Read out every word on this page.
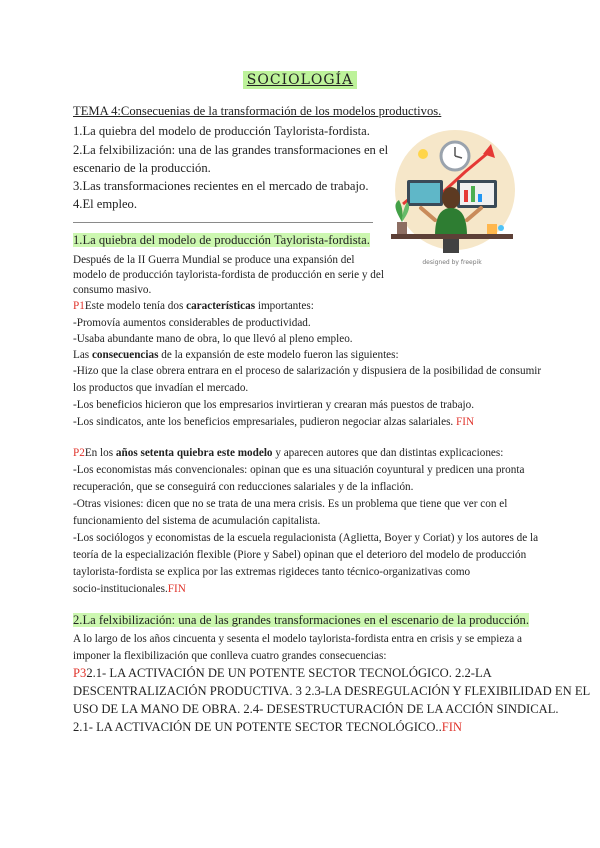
SOCIOLOGÍA
TEMA 4:Consecuenias de la transformación de los modelos productivos.
1.La quiebra del modelo de producción Taylorista-fordista.
2.La felxibilización: una de las grandes transformaciones en el
escenario de la producción.
3.Las transformaciones recientes en el mercado de trabajo.
4.El empleo.
designed by freepik
1.La quiebra del modelo de producción Taylorista-fordista.
Después de la II Guerra Mundial se produce una expansión del
modelo de producción taylorista-fordista de producción en serie y del
consumo masivo.
P1Este modelo tenía dos características importantes:
-Promovía aumentos considerables de productividad.
-Usaba abundante mano de obra, lo que llevó al pleno empleo.
Las consecuencias de la expansión de este modelo fueron las siguientes:
-Hizo que la clase obrera entrara en el proceso de salarización y dispusiera de la posibilidad de consumir
los productos que invadían el mercado.
-Los beneficios hicieron que los empresarios invirtieran y crearan más puestos de trabajo.
-Los sindicatos, ante los beneficios empresariales, pudieron negociar alzas salariales. FIN
P2En los años setenta quiebra este modelo y aparecen autores que dan distintas explicaciones:
-Los economistas más convencionales: opinan que es una situación coyuntural y predicen una pronta
recuperación, que se conseguirá con reducciones salariales y de la inflación.
-Otras visiones: dicen que no se trata de una mera crisis. Es un problema que tiene que ver con el
funcionamiento del sistema de acumulación capitalista.
-Los sociólogos y economistas de la escuela regulacionista (Aglietta, Boyer y Coriat) y los autores de la
teoría de la especialización flexible (Piore y Sabel) opinan que el deterioro del modelo de producción
taylorista-fordista se explica por las extremas rigideces tanto técnico-organizativas como
socio-institucionales.FIN
2.La felxibilización: una de las grandes transformaciones en el escenario de la producción.
A lo largo de los años cincuenta y sesenta el modelo taylorista-fordista entra en crisis y se empieza a
imponer la flexibilización que conlleva cuatro grandes consecuencias:
P32.1- LA ACTIVACIÓN DE UN POTENTE SECTOR TECNOLÓGICO. 2.2-LA
DESCENTRALIZACIÓN PRODUCTIVA. 3 2.3-LA DESREGULACIÓN Y FLEXIBILIDAD EN EL
USO DE LA MANO DE OBRA. 2.4- DESESTRUCTURACIÓN DE LA ACCIÓN SINDICAL.
2.1- LA ACTIVACIÓN DE UN POTENTE SECTOR TECNOLÓGICO..FIN
